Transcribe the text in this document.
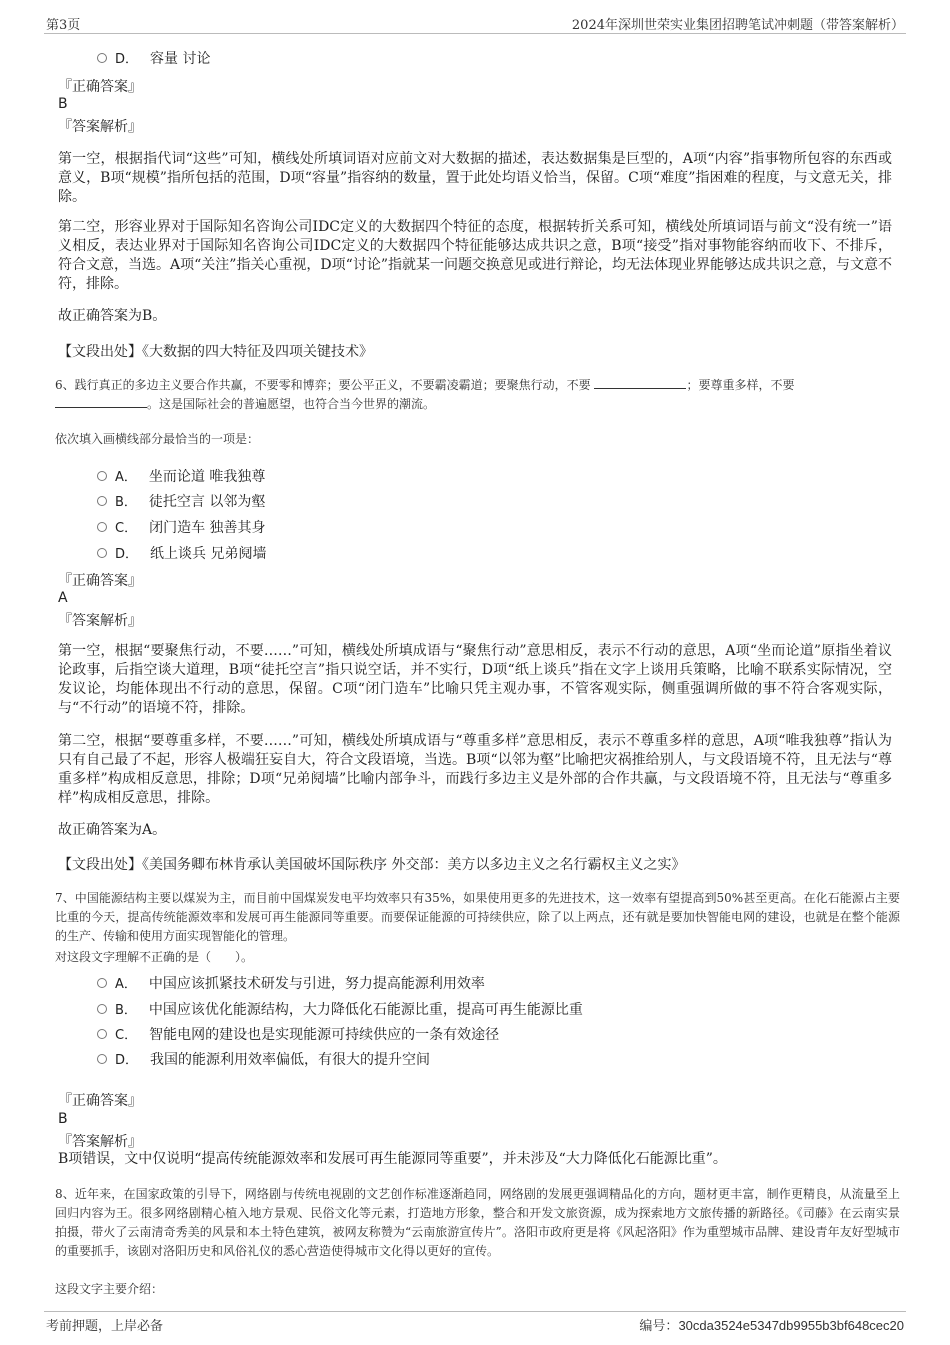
第3页	2024年深圳世荣实业集团招聘笔试冲刺题（带答案解析）
D． 容量 讨论
『正确答案』
B
『答案解析』
第一空，根据指代词“这些”可知，横线处所填词语对应前文对大数据的描述，表达数据集是巨型的，A项“内容”指事物所包容的东西或意义，B项“规模”指所包括的范围，D项“容量”指容纳的数量，置于此处均语义恰当，保留。C项“难度”指困难的程度，与文意无关，排除。
第二空，形容业界对于国际知名咨询公司IDC定义的大数据四个特征的态度，根据转折关系可知，横线处所填词语与前文“没有统一”语义相反，表达业界对于国际知名咨询公司IDC定义的大数据四个特征能够达成共识之意，B项“接受”指对事物能容纳而收下、不排斥，符合文意，当选。A项“关注”指关心重视，D项“讨论”指就某一问题交换意见或进行辩论，均无法体现业界能够达成共识之意，与文意不符，排除。
故正确答案为B。
【文段出处】《大数据的四大特征及四项关键技术》
6、践行真正的多边主义要合作共赢，不要零和博弈；要公平正义，不要霸凌霸道；要聚焦行动，不要	；要尊重多样，不要
。这是国际社会的普遍愿望，也符合当今世界的潮流。
依次填入画横线部分最恰当的一项是：
A． 坐而论道 唯我独尊
B． 徒托空言 以邻为壑
C． 闭门造车 独善其身
D． 纸上谈兵 兄弟阋墙
『正确答案』
A
『答案解析』
第一空，根据“要聚焦行动，不要……”可知，横线处所填成语与“聚焦行动”意思相反，表示不行动的意思，A项“坐而论道”原指坐着议论政事，后指空谈大道理，B项“徒托空言”指只说空话，并不实行，D项“纸上谈兵”指在文字上谈用兵策略，比喻不联系实际情况，空发议论，均能体现出不行动的意思，保留。C项“闭门造车”比喻只凭主观办事，不管客观实际，侧重强调所做的事不符合客观实际，与“不行动”的语境不符，排除。
第二空，根据“要尊重多样，不要……”可知，横线处所填成语与“尊重多样”意思相反，表示不尊重多样的意思，A项“唯我独尊”指认为只有自己最了不起，形容人极端狂妄自大，符合文段语境，当选。B项“以邻为壑”比喻把灾祸推给别人，与文段语境不符，且无法与“尊重多样”构成相反意思，排除；D项“兄弟阋墙”比喻内部争斗，而践行多边主义是外部的合作共赢，与文段语境不符，且无法与“尊重多样”构成相反意思，排除。
故正确答案为A。
【文段出处】《美国务卿布林肯承认美国破坏国际秩序 外交部：美方以多边主义之名行霸权主义之实》
7、中国能源结构主要以煤炭为主，而目前中国煤炭发电平均效率只有35%，如果使用更多的先进技术，这一效率有望提高到50%甚至更高。在化石能源占主要比重的今天，提高传统能源效率和发展可再生能源同等重要。而要保证能源的可持续供应，除了以上两点，还有就是要加快智能电网的建设，也就是在整个能源的生产、传输和使用方面实现智能化的管理。
对这段文字理解不正确的是（　　）。
A． 中国应该抓紧技术研发与引进，努力提高能源利用效率
B． 中国应该优化能源结构，大力降低化石能源比重，提高可再生能源比重
C． 智能电网的建设也是实现能源可持续供应的一条有效途径
D． 我国的能源利用效率偏低，有很大的提升空间
『正确答案』
B
『答案解析』
B项错误，文中仅说明“提高传统能源效率和发展可再生能源同等重要”，并未涉及“大力降低化石能源比重”。
8、近年来，在国家政策的引导下，网络剧与传统电视剧的文艺创作标准逐渐趋同，网络剧的发展更强调精品化的方向，题材更丰富，制作更精良，从流量至上回归内容为王。很多网络剧精心植入地方景观、民俗文化等元素，打造地方形象，整合和开发文旅资源，成为探索地方文旅传播的新路径。《司藤》在云南实景拍摄，带火了云南清奇秀美的风景和本土特色建筑，被网友称赞为“云南旅游宣传片”。洛阳市政府更是将《风起洛阳》作为重塑城市品牌、建设青年友好型城市的重要抓手，该剧对洛阳历史和风俗礼仪的悉心营造使得城市文化得以更好的宣传。
这段文字主要介绍：
考前押题，上岸必备	编号：30cda3524e5347db9955b3bf648cec20
